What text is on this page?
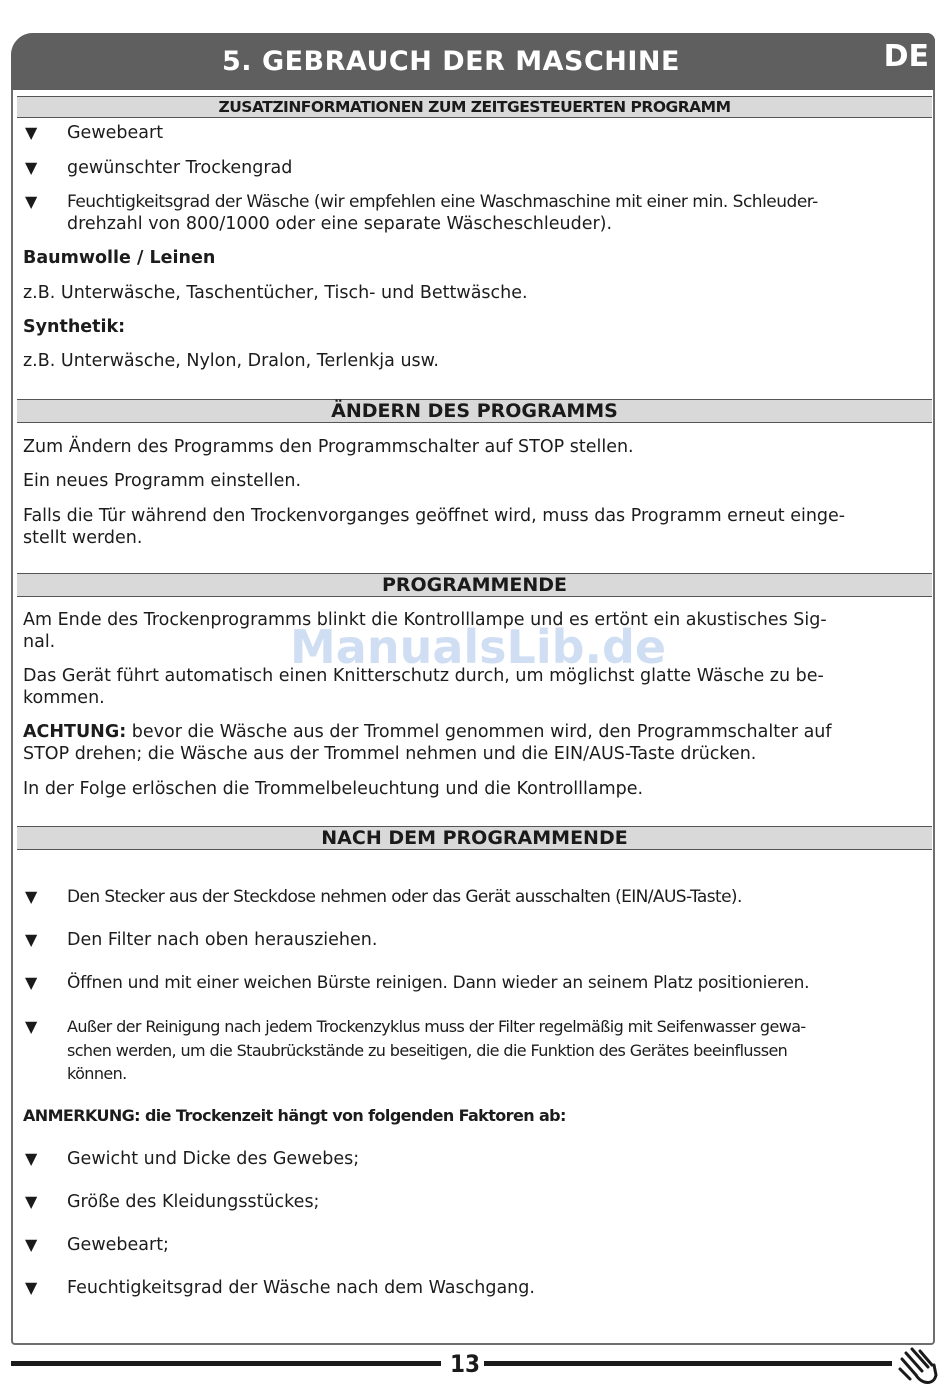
5. GEBRAUCH DER MASCHINE	DE
ZUSATZINFORMATIONEN ZUM ZEITGESTEUERTEN PROGRAMM
▼ Gewebeart
▼ gewünschter Trockengrad
▼ Feuchtigkeitsgrad der Wäsche (wir empfehlen eine Waschmaschine mit einer min. Schleuder-
drehzahl von 800/1000 oder eine separate Wäscheschleuder).
Baumwolle / Leinen
z.B. Unterwäsche, Taschentücher, Tisch- und Bettwäsche.
Synthetik:
z.B. Unterwäsche, Nylon, Dralon, Terlenkja usw.
ÄNDERN DES PROGRAMMS
Zum Ändern des Programms den Programmschalter auf STOP stellen.
Ein neues Programm einstellen.
Falls die Tür während den Trockenvorganges geöffnet wird, muss das Programm erneut einge-
stellt werden.
PROGRAMMENDE
Am Ende des Trockenprogramms blinkt die Kontrolllampe und es ertönt ein akustisches Sig-
nal.
Das Gerät führt automatisch einen Knitterschutz durch, um möglichst glatte Wäsche zu be-
kommen.
ACHTUNG: bevor die Wäsche aus der Trommel genommen wird, den Programmschalter auf
STOP drehen; die Wäsche aus der Trommel nehmen und die EIN/AUS-Taste drücken.
In der Folge erlöschen die Trommelbeleuchtung und die Kontrolllampe.
ManualsLib.de
NACH DEM PROGRAMMENDE
▼ Den Stecker aus der Steckdose nehmen oder das Gerät ausschalten (EIN/AUS-Taste).
▼ Den Filter nach oben herausziehen.
▼ Öffnen und mit einer weichen Bürste reinigen. Dann wieder an seinem Platz positionieren.
▼ Außer der Reinigung nach jedem Trockenzyklus muss der Filter regelmäßig mit Seifenwasser gewa-
schen werden, um die Staubrückstände zu beseitigen, die die Funktion des Gerätes beeinflussen
können.
ANMERKUNG: die Trockenzeit hängt von folgenden Faktoren ab:
▼ Gewicht und Dicke des Gewebes;
▼ Größe des Kleidungsstückes;
▼ Gewebeart;
▼ Feuchtigkeitsgrad der Wäsche nach dem Waschgang.
13
